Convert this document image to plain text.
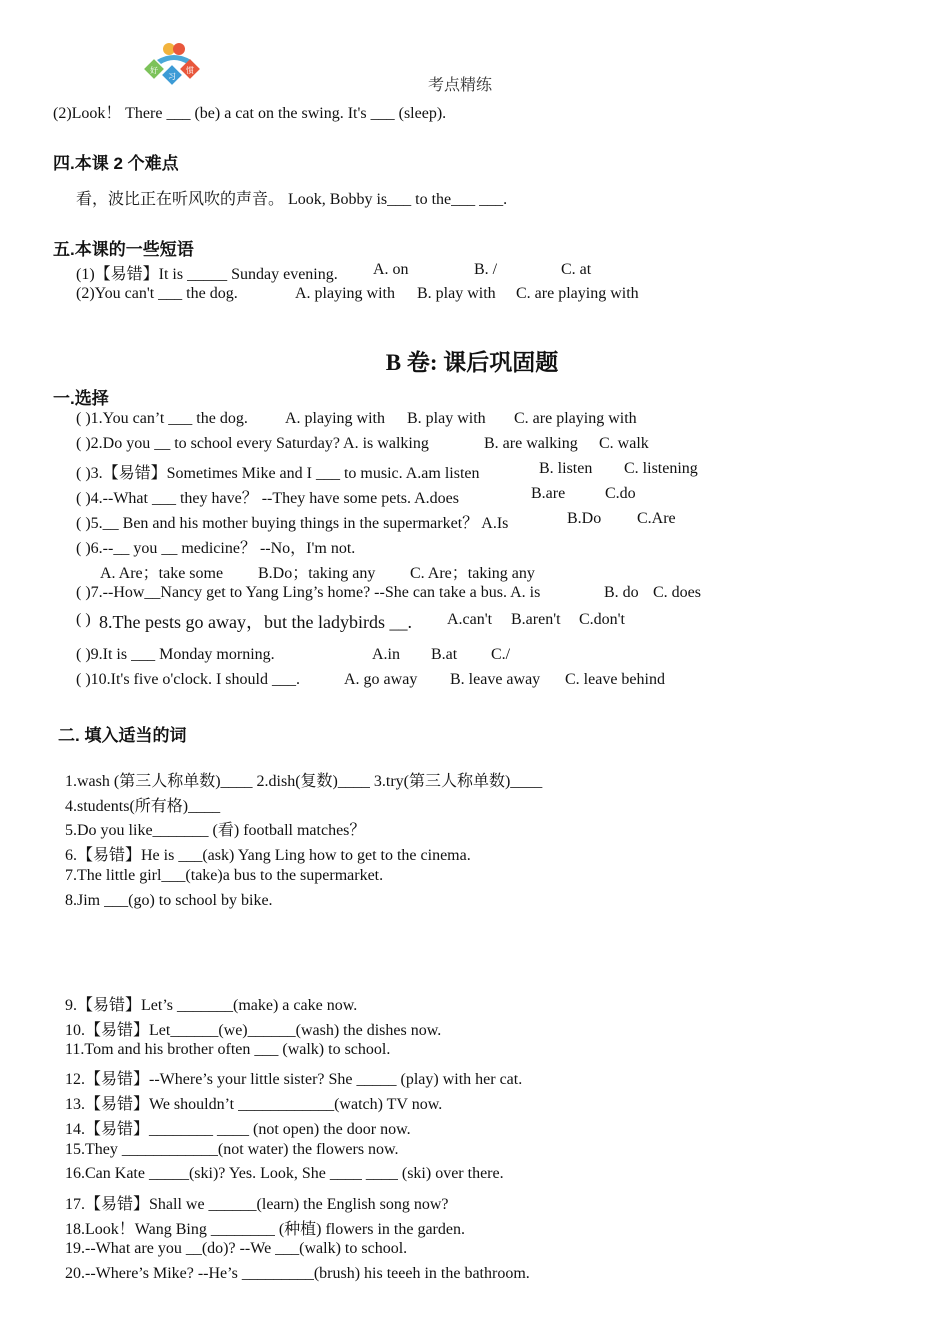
好
习
惯
考点精练
(2)Look！ There ___ (be) a cat on the swing. It's ___ (sleep).
四.本课 2 个难点
看，波比正在听风吹的声音。 Look, Bobby is___ to the___ ___.
五.本课的一些短语
(1)【易错】It is _____ Sunday evening. A. on	B. /	C. at
(2)You can't ___ the dog.	A. playing with B. play with C. are playing with
B 卷: 课后巩固题
一.选择
( )1.You can’t ___ the dog. A. playing with B. play with C. are playing with
( )2.Do you __ to school every Saturday? A. is walking	B. are walking C. walk
( )3.【易错】Sometimes Mike and I ___ to music. A.am listen	B. listen C. listening
( )4.--What ___ they have？ --They have some pets. A.does	B.are C.do
( )5.__ Ben and his mother buying things in the supermarket？ A.Is	B.Do C.Are
( )6.--__ you __ medicine？ --No，I'm not.
A. Are；take some B.Do；taking any C. Are；taking any
( )7.--How__Nancy get to Yang Ling’s home? --She can take a bus. A. is	B. do C. does
( ) 8.The pests go away，but the ladybirds __. A.can't B.aren't C.don't
( )9.It is ___ Monday morning.	A.in B.at C./
( )10.It's five o'clock. I should ___.	A. go away B. leave away C. leave behind
二. 填入适当的词
1.wash (第三人称单数)____ 2.dish(复数)____ 3.try(第三人称单数)____
4.students(所有格)____
5.Do you like_______ (看) football matches？
6.【易错】He is ___(ask) Yang Ling how to get to the cinema.
7.The little girl___(take)a bus to the supermarket.
8.Jim ___(go) to school by bike.
9.【易错】Let’s _______(make) a cake now.
10.【易错】Let______(we)______(wash) the dishes now.
11.Tom and his brother often ___ (walk) to school.
12.【易错】--Where’s your little sister? She _____ (play) with her cat.
13.【易错】We shouldn’t ____________(watch) TV now.
14.【易错】________ ____ (not open) the door now.
15.They ____________(not water) the flowers now.
16.Can Kate _____(ski)? Yes. Look, She ____ ____ (ski) over there.
17.【易错】Shall we ______(learn) the English song now?
18.Look！Wang Bing ________ (种植) flowers in the garden.
19.--What are you __(do)? --We ___(walk) to school.
20.--Where’s Mike? --He’s _________(brush) his teeeh in the bathroom.
